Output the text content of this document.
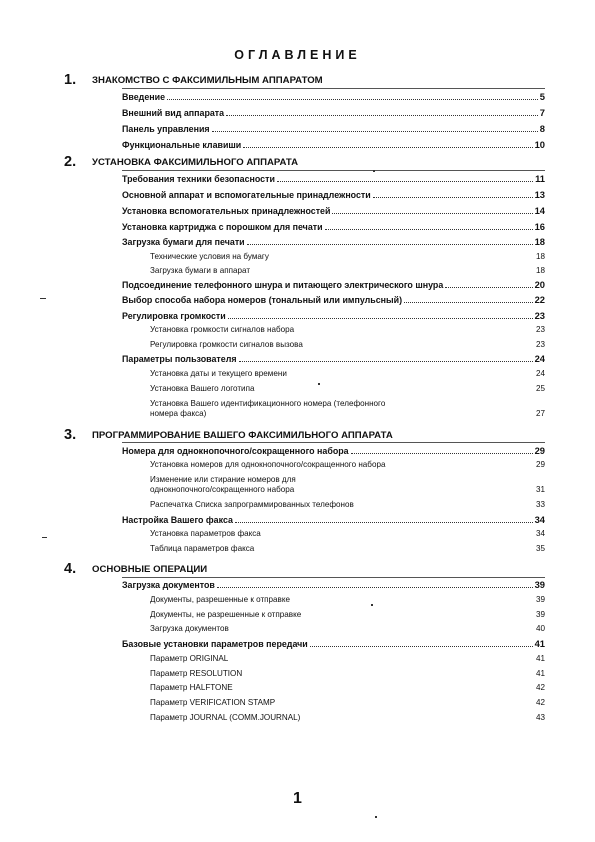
ОГЛАВЛЕНИЕ
1. ЗНАКОМСТВО С ФАКСИМИЛЬНЫМ АППАРАТОМ
Введение	5
Внешний вид аппарата	7
Панель управления	8
Функциональные клавиши	10
2. УСТАНОВКА ФАКСИМИЛЬНОГО АППАРАТА
Требования техники безопасности	11
Основной аппарат и вспомогательные принадлежности	13
Установка вспомогательных принадлежностей	14
Установка картриджа с порошком для печати	16
Загрузка бумаги для печати	18
Технические условия на бумагу	18
Загрузка бумаги в аппарат	18
Подсоединение телефонного шнура и питающего электрического шнура	20
Выбор способа набора номеров (тональный или импульсный)	22
Регулировка громкости	23
Установка громкости сигналов набора	23
Регулировка громкости сигналов вызова	23
Параметры пользователя	24
Установка даты и текущего времени	24
Установка Вашего логотипа	25
Установка Вашего идентификационного номера (телефонного
номера факса)	27
3. ПРОГРАММИРОВАНИЕ ВАШЕГО ФАКСИМИЛЬНОГО АППАРАТА
Номера для однокнопочного/сокращенного набора	29
Установка номеров для однокнопочного/сокращенного набора	29
Изменение или стирание номеров для
однокнопочного/сокращенного набора	31
Распечатка Списка запрограммированных телефонов	33
Настройка Вашего факса	34
Установка параметров факса	34
Таблица параметров факса	35
4. ОСНОВНЫЕ ОПЕРАЦИИ
Загрузка документов	39
Документы, разрешенные к отправке	39
Документы, не разрешенные к отправке	39
Загрузка документов	40
Базовые установки параметров передачи	41
Параметр ORIGINAL	41
Параметр RESOLUTION	41
Параметр HALFTONE	42
Параметр VERIFICATION STAMP	42
Параметр JOURNAL (COMM.JOURNAL)	43
1
